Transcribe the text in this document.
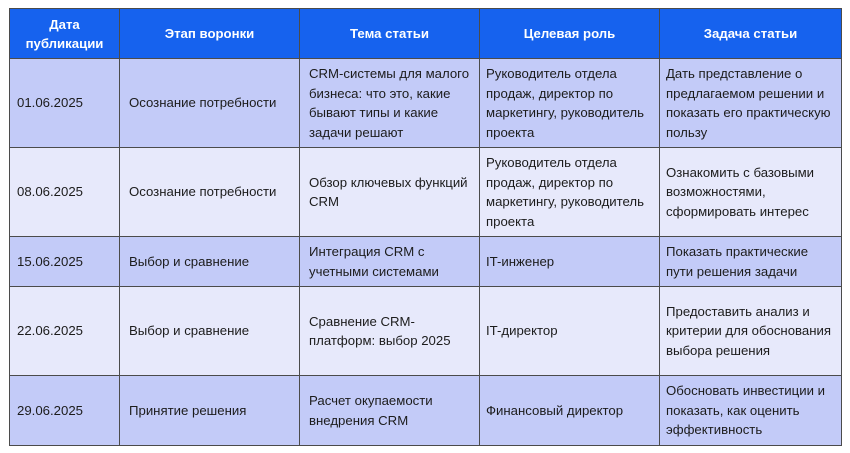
Дата публикации	Этап воронки	Тема статьи	Целевая роль	Задача статьи
01.06.2025	Осознание потребности	CRM-системы для малого бизнеса: что это, какие бывают типы и какие задачи решают	Руководитель отдела продаж, директор по маркетингу, руководитель проекта	Дать представление о предлагаемом решении и показать его практическую пользу
08.06.2025	Осознание потребности	Обзор ключевых функций CRM	Руководитель отдела продаж, директор по маркетингу, руководитель проекта	Ознакомить с базовыми возможностями, сформировать интерес
15.06.2025	Выбор и сравнение	Интеграция CRM с учетными системами	IT-инженер	Показать практические пути решения задачи
22.06.2025	Выбор и сравнение	Сравнение CRM-платформ: выбор 2025	IT-директор	Предоставить анализ и критерии для обоснования выбора решения
29.06.2025	Принятие решения	Расчет окупаемости внедрения CRM	Финансовый директор	Обосновать инвестиции и показать, как оценить эффективность
